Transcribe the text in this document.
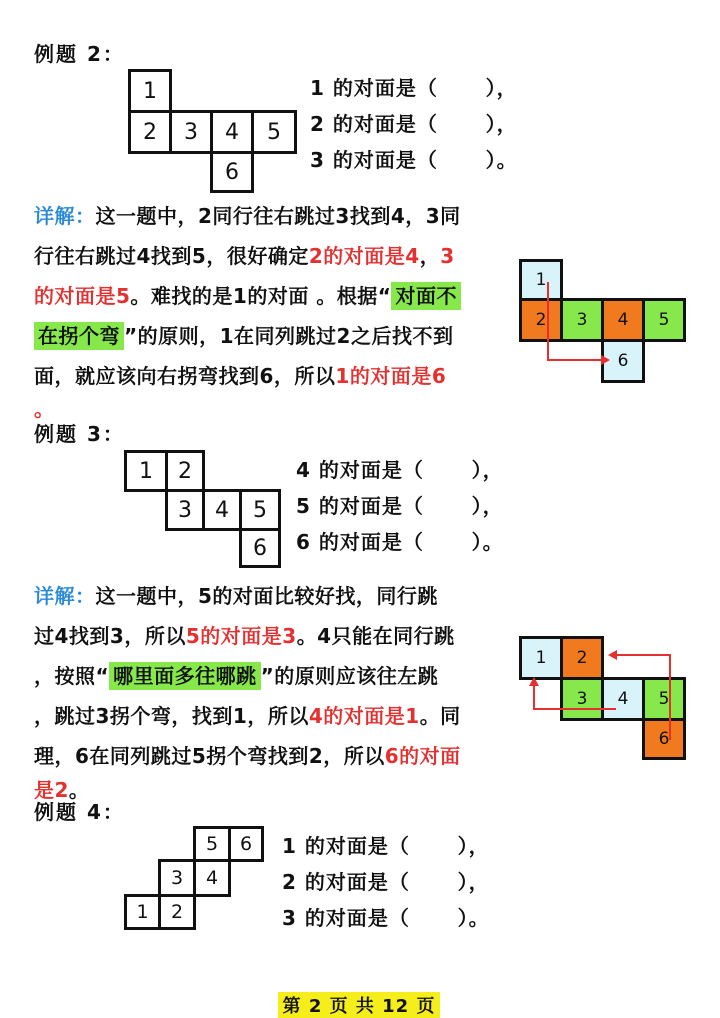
例题 2：
1
2	3	4	5
6
1 的对面是（      ），
2 的对面是（      ），
3 的对面是（      ）。
详解：这一题中，2同行往右跳过3找到4，3同
行往右跳过4找到5，很好确定2的对面是4，3
的对面是5。难找的是1的对面 。根据“ 对面不
在拐个弯 ”的原则，1在同列跳过2之后找不到
面，就应该向右拐弯找到6，所以1的对面是6
。
1
2	3	4	5
6
例题 3：
1	2
3	4	5
6
4 的对面是（      ），
5 的对面是（      ），
6 的对面是（      ）。
详解：这一题中，5的对面比较好找，同行跳
过4找到3，所以5的对面是3。4只能在同行跳
，按照“ 哪里面多往哪跳 ”的原则应该往左跳
，跳过3拐个弯，找到1，所以4的对面是1。同
理，6在同列跳过5拐个弯找到2，所以6的对面
是2。
1	2
3	4	5
6
例题 4：
5	6
3	4
1	2
1 的对面是（      ），
2 的对面是（      ），
3 的对面是（      ）。
第 2 页 共 12 页
